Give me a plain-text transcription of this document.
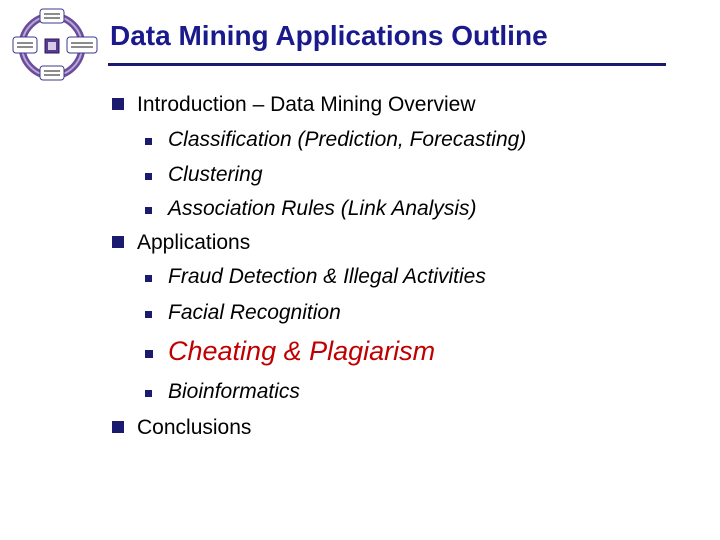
Data Mining Applications Outline
Introduction – Data Mining Overview
Classification (Prediction, Forecasting)
Clustering
Association Rules (Link Analysis)
Applications
Fraud Detection & Illegal Activities
Facial Recognition
Cheating & Plagiarism
Bioinformatics
Conclusions
